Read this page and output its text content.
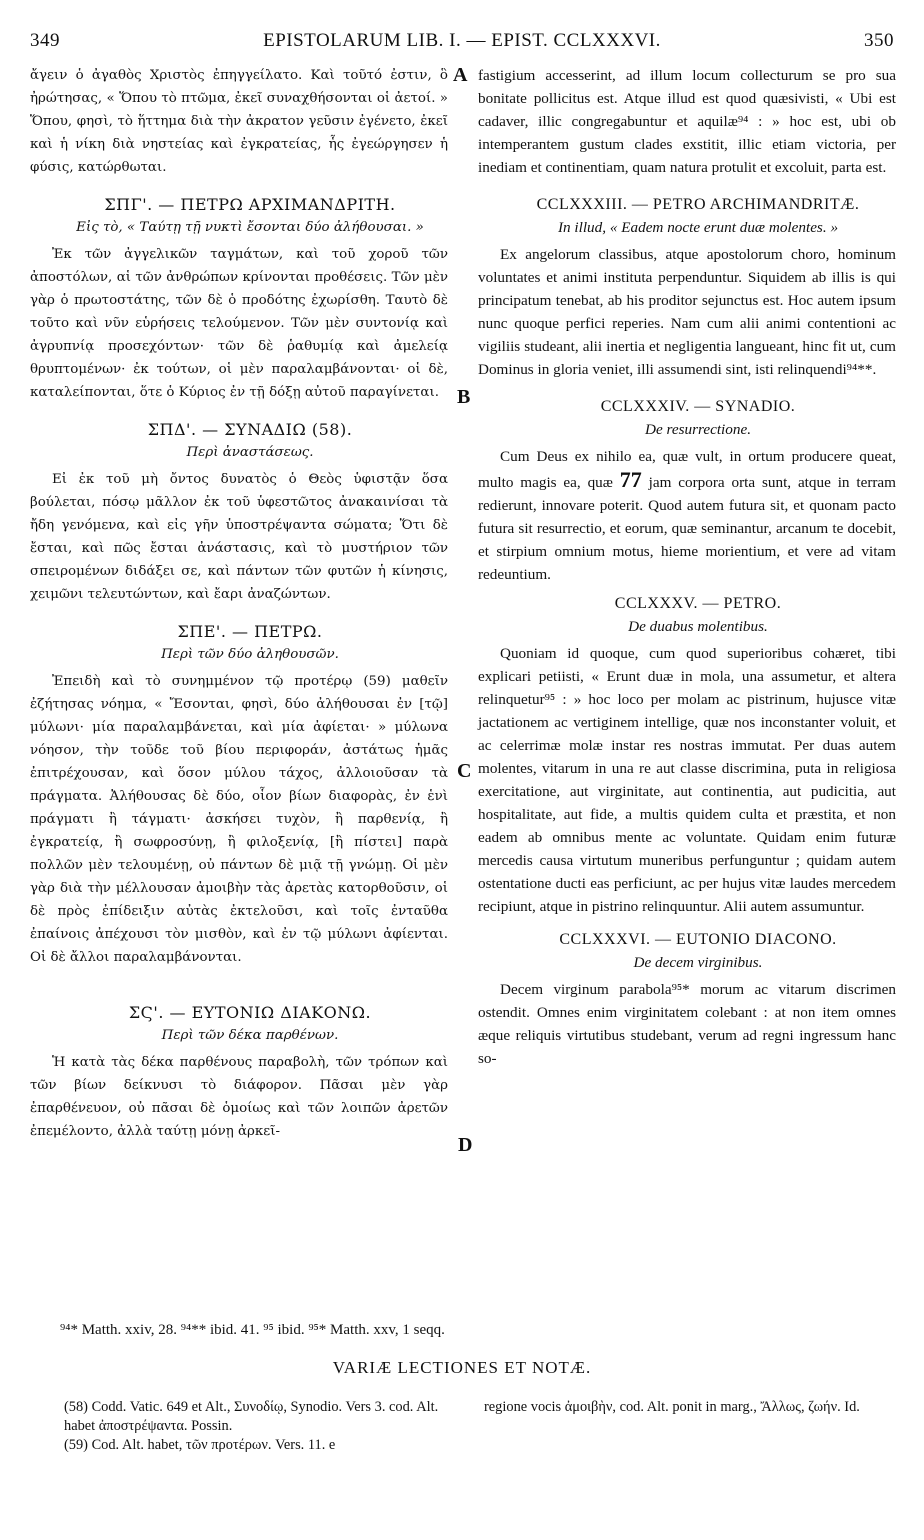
349	EPISTOLARUM LIB. I. — EPIST. CCLXXXVI.	350

ἄγειν ὁ ἀγαθὸς Χριστὸς ἐπηγγείλατο. Καὶ τοῦτό ἐστιν, ὃ ἠρώτησας, « Ὅπου τὸ πτῶμα, ἐκεῖ συναχθήσονται οἱ ἀετοί. » Ὅπου, φησὶ, τὸ ἥττημα διὰ τὴν ἀκρατον γεῦσιν ἐγένετο, ἐκεῖ καὶ ἡ νίκη διὰ νηστείας καὶ ἐγκρατείας, ἧς ἐγεώργησεν ἡ φύσις, κατώρθωται.

ΣΠΓ'. — ΠΕΤΡΩ ΑΡΧΙΜΑΝΔΡΙΤΗ.

Εἰς τὸ, « Ταύτῃ τῇ νυκτὶ ἔσονται δύο ἀλήθουσαι. »

Ἐκ τῶν ἀγγελικῶν ταγμάτων, καὶ τοῦ χοροῦ τῶν ἀποστόλων, αἱ τῶν ἀνθρώπων κρίνονται προθέσεις. Τῶν μὲν γὰρ ὁ πρωτοστάτης, τῶν δὲ ὁ προδότης ἐχωρίσθη. Ταυτὸ δὲ τοῦτο καὶ νῦν εὑρήσεις τελούμενον. Τῶν μὲν συντονίᾳ καὶ ἀγρυπνίᾳ προσεχόντων· τῶν δὲ ῥαθυμίᾳ καὶ ἀμελείᾳ θρυπτομένων· ἐκ τούτων, οἱ μὲν παραλαμβάνονται· οἱ δὲ, καταλείπονται, ὅτε ὁ Κύριος ἐν τῇ δόξῃ αὐτοῦ παραγίνεται.

ΣΠΔ'. — ΣΥΝΑΔΙΩ (58).

Περὶ ἀναστάσεως.

Εἰ ἐκ τοῦ μὴ ὄντος δυνατὸς ὁ Θεὸς ὑφιστᾷν ὅσα βούλεται, πόσῳ μᾶλλον ἐκ τοῦ ὑφεστῶτος ἀνακαινίσαι τὰ ἤδη γενόμενα, καὶ εἰς γῆν ὑποστρέψαντα σώματα; Ὅτι δὲ ἔσται, καὶ πῶς ἔσται ἀνάστασις, καὶ τὸ μυστήριον τῶν σπειρομένων διδάξει σε, καὶ πάντων τῶν φυτῶν ἡ κίνησις, χειμῶνι τελευτώντων, καὶ ἔαρι ἀναζώντων.

ΣΠΕ'. — ΠΕΤΡΩ.

Περὶ τῶν δύο ἀληθουσῶν.

Ἐπειδὴ καὶ τὸ συνημμένον τῷ προτέρῳ (59) μαθεῖν ἐζήτησας νόημα, « Ἔσονται, φησὶ, δύο ἀλήθουσαι ἐν [τῷ] μύλωνι· μία παραλαμβάνεται, καὶ μία ἀφίεται· » μύλωνα νόησον, τὴν τοῦδε τοῦ βίου περιφοράν, ἀστάτως ἡμᾶς ἐπιτρέχουσαν, καὶ ὅσον μύλου τάχος, ἀλλοιοῦσαν τὰ πράγματα. Ἀλήθουσας δὲ δύο, οἷον βίων διαφορὰς, ἐν ἑνὶ πράγματι ἢ τάγματι· ἀσκήσει τυχὸν, ἢ παρθενίᾳ, ἢ ἐγκρατείᾳ, ἢ σωφροσύνῃ, ἢ φιλοξενίᾳ, [ἢ πίστει] παρὰ πολλῶν μὲν τελουμένῃ, οὐ πάντων δὲ μιᾷ τῇ γνώμῃ. Οἱ μὲν γὰρ διὰ τὴν μέλλουσαν ἀμοιβὴν τὰς ἀρετὰς κατορθοῦσιν, οἱ δὲ πρὸς ἐπίδειξιν αὐτὰς ἐκτελοῦσι, καὶ τοῖς ἐνταῦθα ἐπαίνοις ἀπέχουσι τὸν μισθὸν, καὶ ἐν τῷ μύλωνι ἀφίενται. Οἱ δὲ ἄλλοι παραλαμβάνονται.

ΣϚ'. — ΕΥΤΟΝΙΩ ΔΙΑΚΟΝΩ.

Περὶ τῶν δέκα παρθένων.

Ἡ κατὰ τὰς δέκα παρθένους παραβολὴ, τῶν τρόπων καὶ τῶν βίων δείκνυσι τὸ διάφορον. Πᾶσαι μὲν γὰρ ἐπαρθένευον, οὐ πᾶσαι δὲ ὁμοίως καὶ τῶν λοιπῶν ἀρετῶν ἐπεμέλοντο, ἀλλὰ ταύτῃ μόνῃ ἀρκεῖ-

A
B
C
D

fastigium accesserint, ad illum locum collecturum se pro sua bonitate pollicitus est. Atque illud est quod quæsivisti, « Ubi est cadaver, illic congregabuntur et aquilæ⁹⁴ : » hoc est, ubi ob intemperantem gustum clades exstitit, illic etiam victoria, per inediam et continentiam, quam natura protulit et excoluit, parta est.

CCLXXXIII. — PETRO ARCHIMANDRITÆ.

In illud, « Eadem nocte erunt duæ molentes. »

Ex angelorum classibus, atque apostolorum choro, hominum voluntates et animi instituta perpenduntur. Siquidem ab illis is qui principatum tenebat, ab his proditor sejunctus est. Hoc autem ipsum nunc quoque perfici reperies. Nam cum alii animi contentioni ac vigiliis studeant, alii inertia et negligentia langueant, hinc fit ut, cum Dominus in gloria veniet, illi assumendi sint, isti relinquendi⁹⁴**.

CCLXXXIV. — SYNADIO.

De resurrectione.

Cum Deus ex nihilo ea, quæ vult, in ortum producere queat, multo magis ea, quæ 77 jam corpora orta sunt, atque in terram redierunt, innovare poterit. Quod autem futura sit, et quonam pacto futura sit resurrectio, et eorum, quæ seminantur, arcanum te docebit, et stirpium omnium motus, hieme morientium, et vere ad vitam redeuntium.

CCLXXXV. — PETRO.

De duabus molentibus.

Quoniam id quoque, cum quod superioribus cohæret, tibi explicari petiisti, « Erunt duæ in mola, una assumetur, et altera relinquetur⁹⁵ : » hoc loco per molam ac pistrinum, hujusce vitæ jactationem ac vertiginem intellige, quæ nos inconstanter voluit, et ac celerrimæ molæ instar res nostras immutat. Per duas autem molentes, vitarum in una re aut classe discrimina, puta in religiosa exercitatione, aut virginitate, aut continentia, aut pudicitia, aut hospitalitate, aut fide, a multis quidem culta et præstita, et non eadem ab omnibus mente ac voluntate. Quidam enim futuræ mercedis causa virtutum muneribus perfunguntur ; quidam autem ostentatione ducti eas perficiunt, ac per hujus vitæ laudes mercedem recipiunt, atque in pistrino relinquuntur. Alii autem assumuntur.

CCLXXXVI. — EUTONIO DIACONO.

De decem virginibus.

Decem virginum parabola⁹⁵* morum ac vitarum discrimen ostendit. Omnes enim virginitatem colebant : at non item omnes æque reliquis virtutibus studebant, verum ad regni ingressum hanc so-

⁹⁴* Matth. xxiv, 28. ⁹⁴** ibid. 41. ⁹⁵ ibid. ⁹⁵* Matth. xxv, 1 seqq.
VARIÆ LECTIONES ET NOTÆ.

(58) Codd. Vatic. 649 et Alt., Συνοδίῳ, Synodio. Vers 3. cod. Alt. habet ἀποστρέψαντα. Possin.

(59) Cod. Alt. habet, τῶν προτέρων. Vers. 11. e

regione vocis ἀμοιβὴν, cod. Alt. ponit in marg., Ἄλλως, ζωήν. Id.
